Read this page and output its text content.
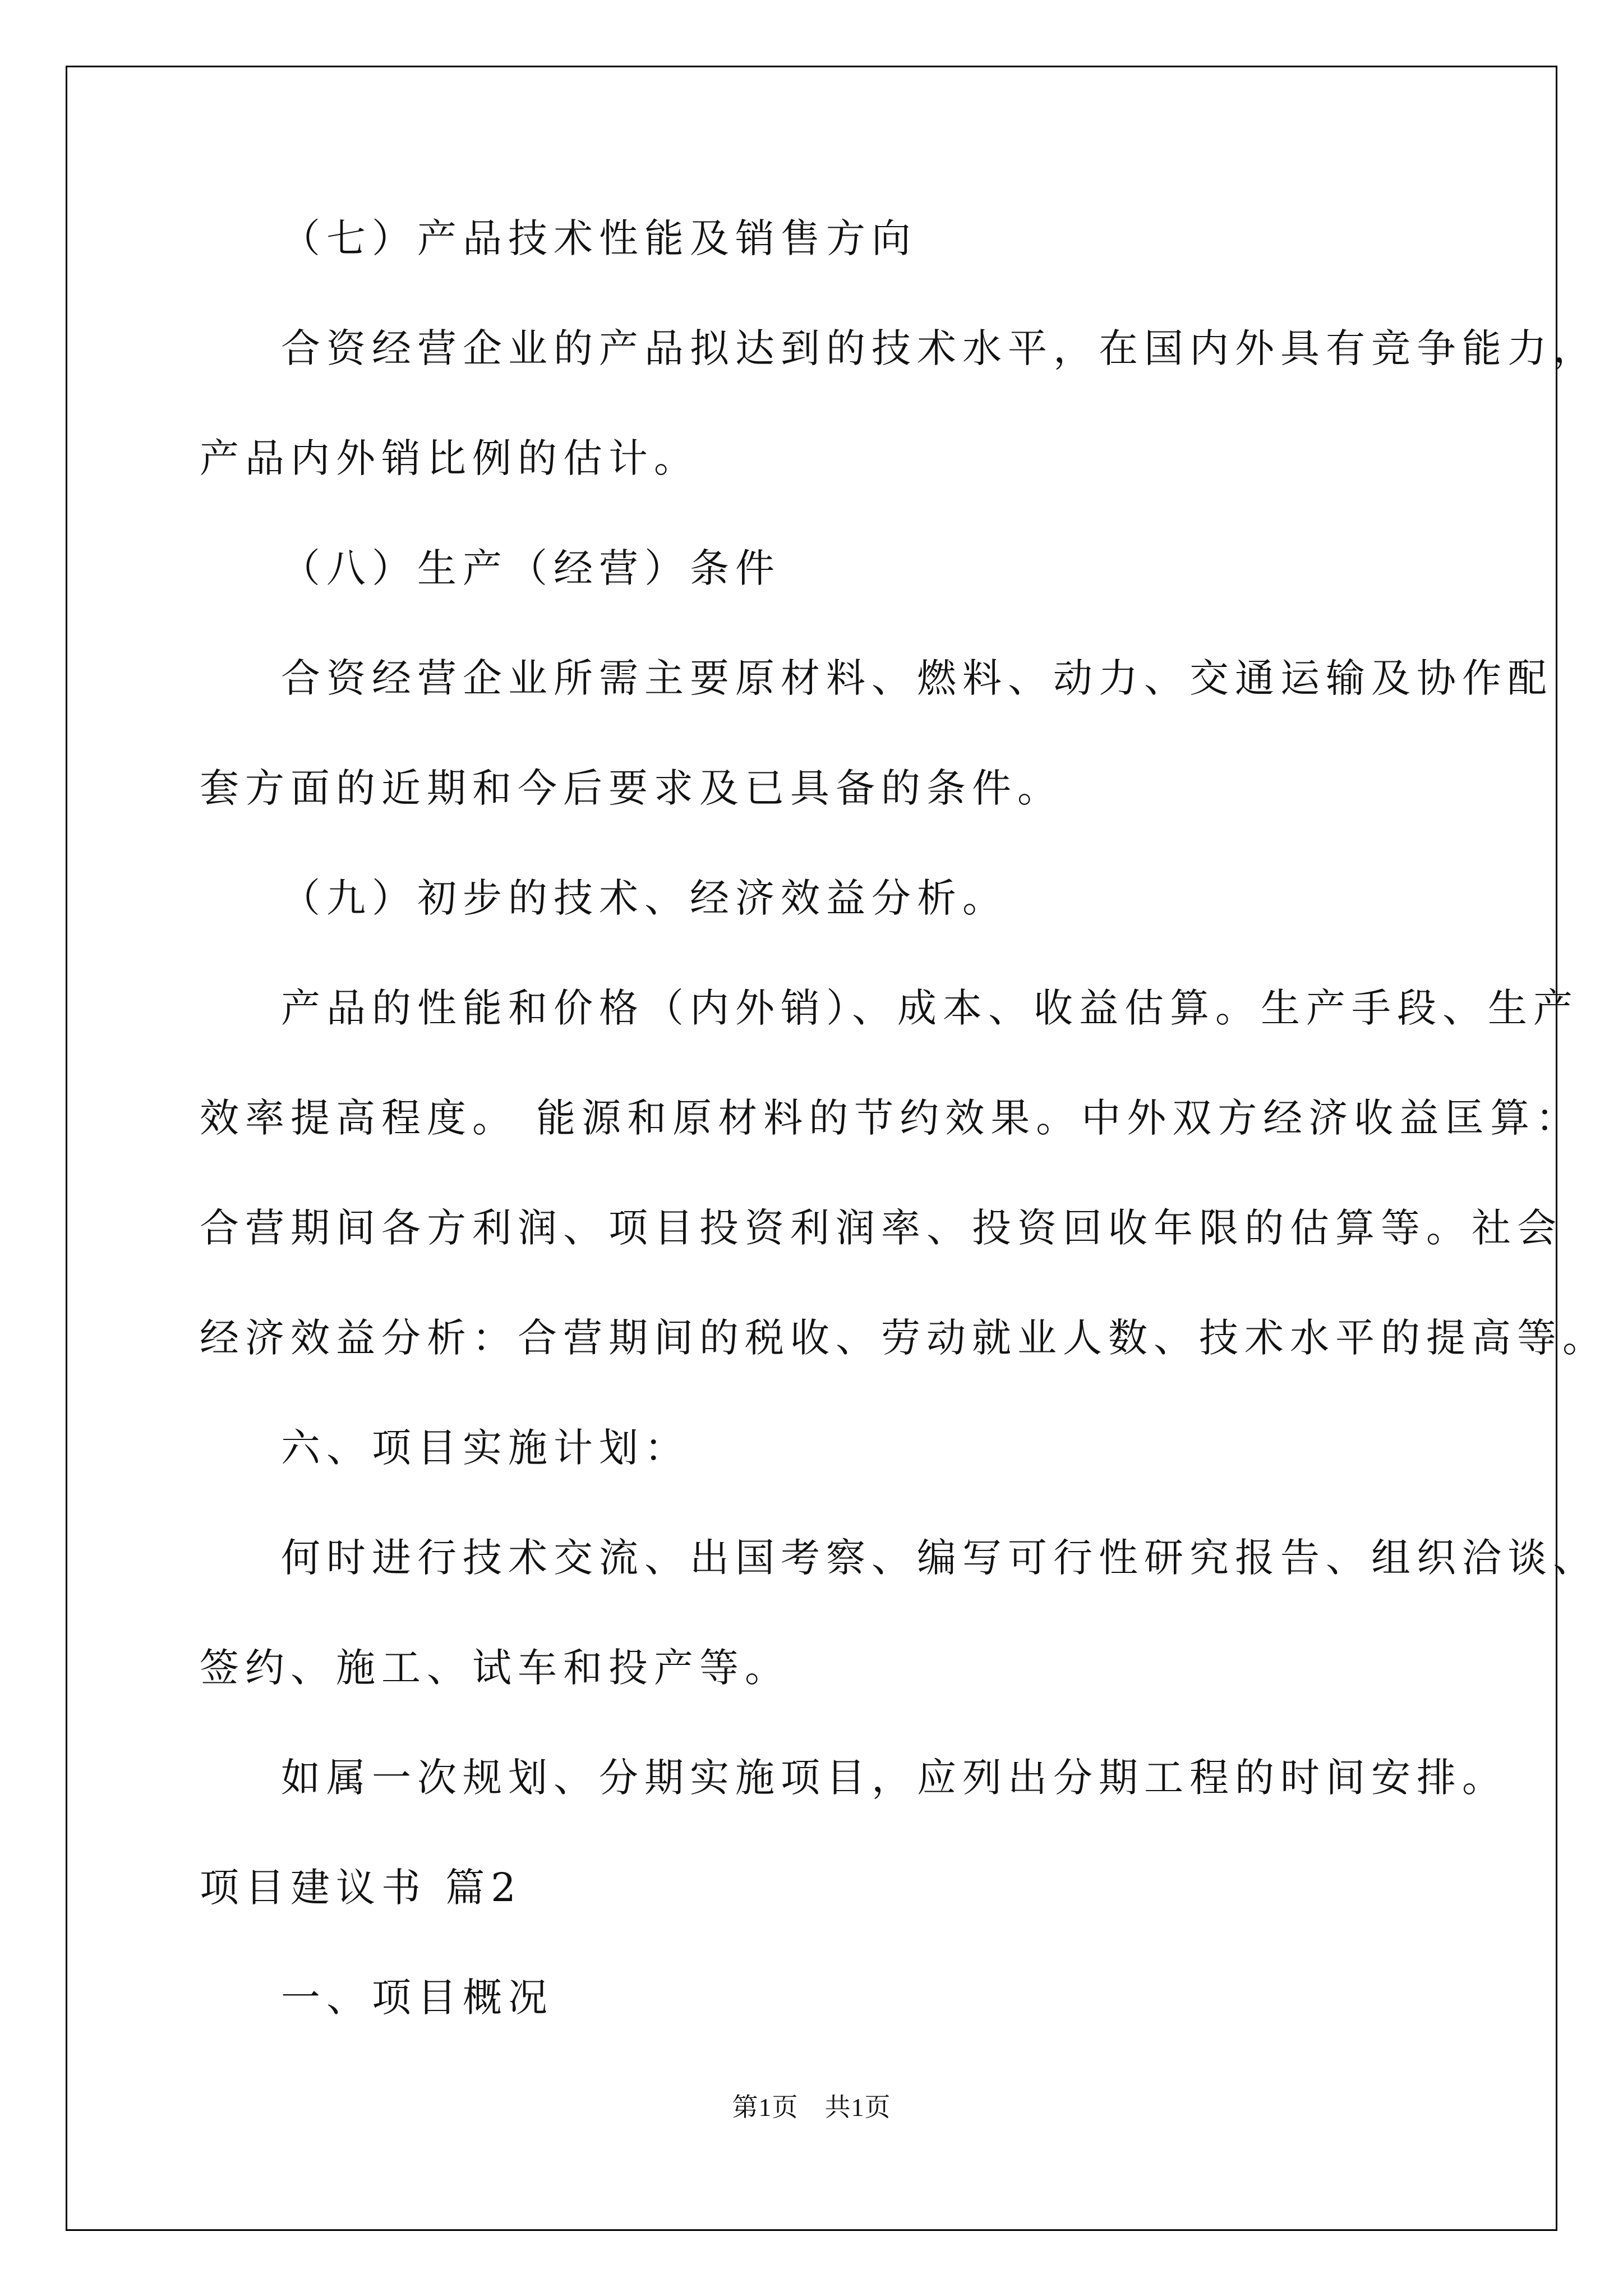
（七）产品技术性能及销售方向
合资经营企业的产品拟达到的技术水平，在国内外具有竞争能力，
产品内外销比例的估计。
（八）生产（经营）条件
合资经营企业所需主要原材料、燃料、动力、交通运输及协作配
套方面的近期和今后要求及已具备的条件。
（九）初步的技术、经济效益分析。
产品的性能和价格（内外销）、成本、收益估算。生产手段、生产
效率提高程度。 能源和原材料的节约效果。中外双方经济收益匡算：
合营期间各方利润、项目投资利润率、投资回收年限的估算等。社会
经济效益分析：合营期间的税收、劳动就业人数、技术水平的提高等。
六、项目实施计划：
何时进行技术交流、出国考察、编写可行性研究报告、组织洽谈、
签约、施工、试车和投产等。
如属一次规划、分期实施项目，应列出分期工程的时间安排。
项目建议书 篇2
一、项目概况
第1页　共1页
